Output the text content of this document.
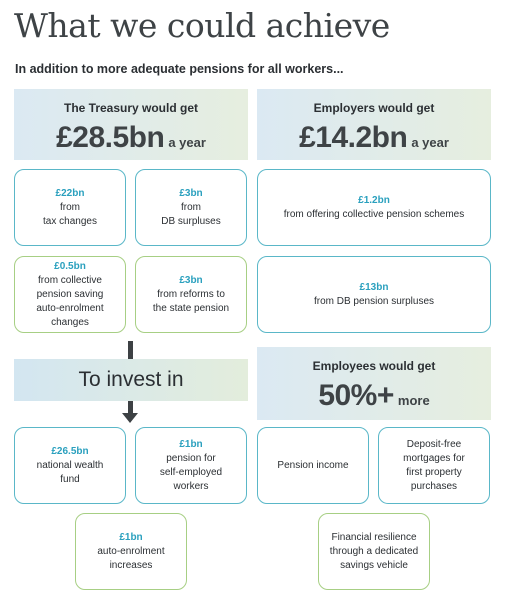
What we could achieve
In addition to more adequate pensions for all workers...
The Treasury would get
£28.5bn a year
Employers would get
£14.2bn a year
£22bn
from
tax changes
£3bn
from
DB surpluses
£0.5bn
from collective
pension saving
auto-enrolment
changes
£3bn
from reforms to
the state pension
£1.2bn
from offering collective pension schemes
£13bn
from DB pension surpluses
To invest in
Employees would get
50%+ more
£26.5bn
national wealth
fund
£1bn
pension for
self-employed
workers
£1bn
auto-enrolment
increases
Pension income
Deposit-free
mortgages for
first property
purchases
Financial resilience
through a dedicated
savings vehicle
